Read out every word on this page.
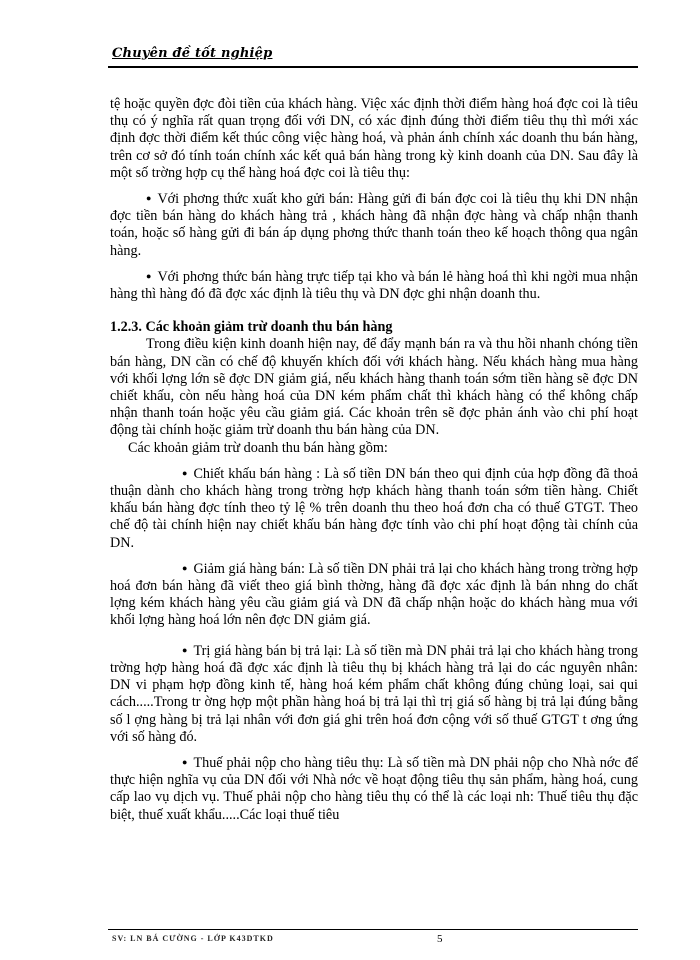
Chuyên đề tốt nghiệp

tệ hoặc quyền đợc đòi tiền của khách hàng. Việc xác định thời điểm hàng hoá đợc coi là tiêu thụ có ý nghĩa rất quan trọng đối với DN, có xác định đúng thời điểm tiêu thụ thì mới xác định đợc thời điểm kết thúc công việc hàng hoá, và phản ánh chính xác doanh thu bán hàng, trên cơ sở đó tính toán chính xác kết quả bán hàng trong kỳ kinh doanh của DN. Sau đây là một số trờng hợp cụ thể hàng hoá đợc coi là tiêu thụ:

● Với phơng thức xuất kho gửi bán: Hàng gửi đi bán đợc coi là tiêu thụ khi DN nhận đợc tiền bán hàng do khách hàng trả , khách hàng đã nhận đợc hàng và chấp nhận thanh toán, hoặc số hàng gửi đi bán áp dụng phơng thức thanh toán theo kế hoạch thông qua ngân hàng.

● Với phơng thức bán hàng trực tiếp tại kho và bán lẻ hàng hoá thì khi ngời mua nhận hàng thì hàng đó đã đợc xác định là tiêu thụ và DN đợc ghi nhận doanh thu.

1.2.3. Các khoản giảm trừ doanh thu bán hàng

Trong điều kiện kinh doanh hiện nay, để đẩy mạnh bán ra và thu hồi nhanh chóng tiền bán hàng, DN cần có chế độ khuyến khích đối với khách hàng. Nếu khách hàng mua hàng với khối lợng lớn sẽ đợc DN giảm giá, nếu khách hàng thanh toán sớm tiền hàng sẽ đợc DN chiết khấu, còn nếu hàng hoá của DN kém phẩm chất thì khách hàng có thể không chấp nhận thanh toán hoặc yêu cầu giảm giá. Các khoản trên sẽ đợc phản ánh vào chi phí hoạt động tài chính hoặc giảm trừ doanh thu bán hàng của DN.

Các khoản giảm trừ doanh thu bán hàng gồm:

● Chiết khấu bán hàng : Là số tiền DN bán theo qui định của hợp đồng đã thoả thuận dành cho khách hàng trong trờng hợp khách hàng thanh toán sớm tiền hàng. Chiết khấu bán hàng đợc tính theo tỷ lệ % trên doanh thu theo hoá đơn cha có thuế GTGT. Theo chế độ tài chính hiện nay chiết khấu bán hàng đợc tính vào chi phí hoạt động tài chính của DN.

● Giảm giá hàng bán: Là số tiền DN phải trả lại cho khách hàng trong trờng hợp hoá đơn bán hàng đã viết theo giá bình thờng, hàng đã đợc xác định là bán nhng do chất lợng kém khách hàng yêu cầu giảm giá và DN đã chấp nhận hoặc do khách hàng mua với khối lợng hàng hoá lớn nên đợc DN giảm giá.

● Trị giá hàng bán bị trả lại: Là số tiền mà DN phải trả lại cho khách hàng trong trờng hợp hàng hoá đã đợc xác định là tiêu thụ bị khách hàng trả lại do các nguyên nhân: DN vi phạm hợp đồng kinh tế, hàng hoá kém phẩm chất không đúng chủng loại, sai qui cách.....Trong tr ờng hợp một phần hàng hoá bị trả lại thì trị giá số hàng bị trả lại đúng bằng số l ợng hàng bị trả lại nhân với đơn giá ghi trên hoá đơn cộng với số thuế GTGT t ơng ứng với số hàng đó.

● Thuế phải nộp cho hàng tiêu thụ: Là số tiền mà DN phải nộp cho Nhà nớc để thực hiện nghĩa vụ của DN đối với Nhà nớc về hoạt động tiêu thụ sản phẩm, hàng hoá, cung cấp lao vụ dịch vụ. Thuế phải nộp cho hàng tiêu thụ có thể là các loại nh: Thuế tiêu thụ đặc biệt, thuế xuất khẩu.....Các loại thuế tiêu

SV: LN BÁ CƯỜNG - LỚP K43DTKD	5
